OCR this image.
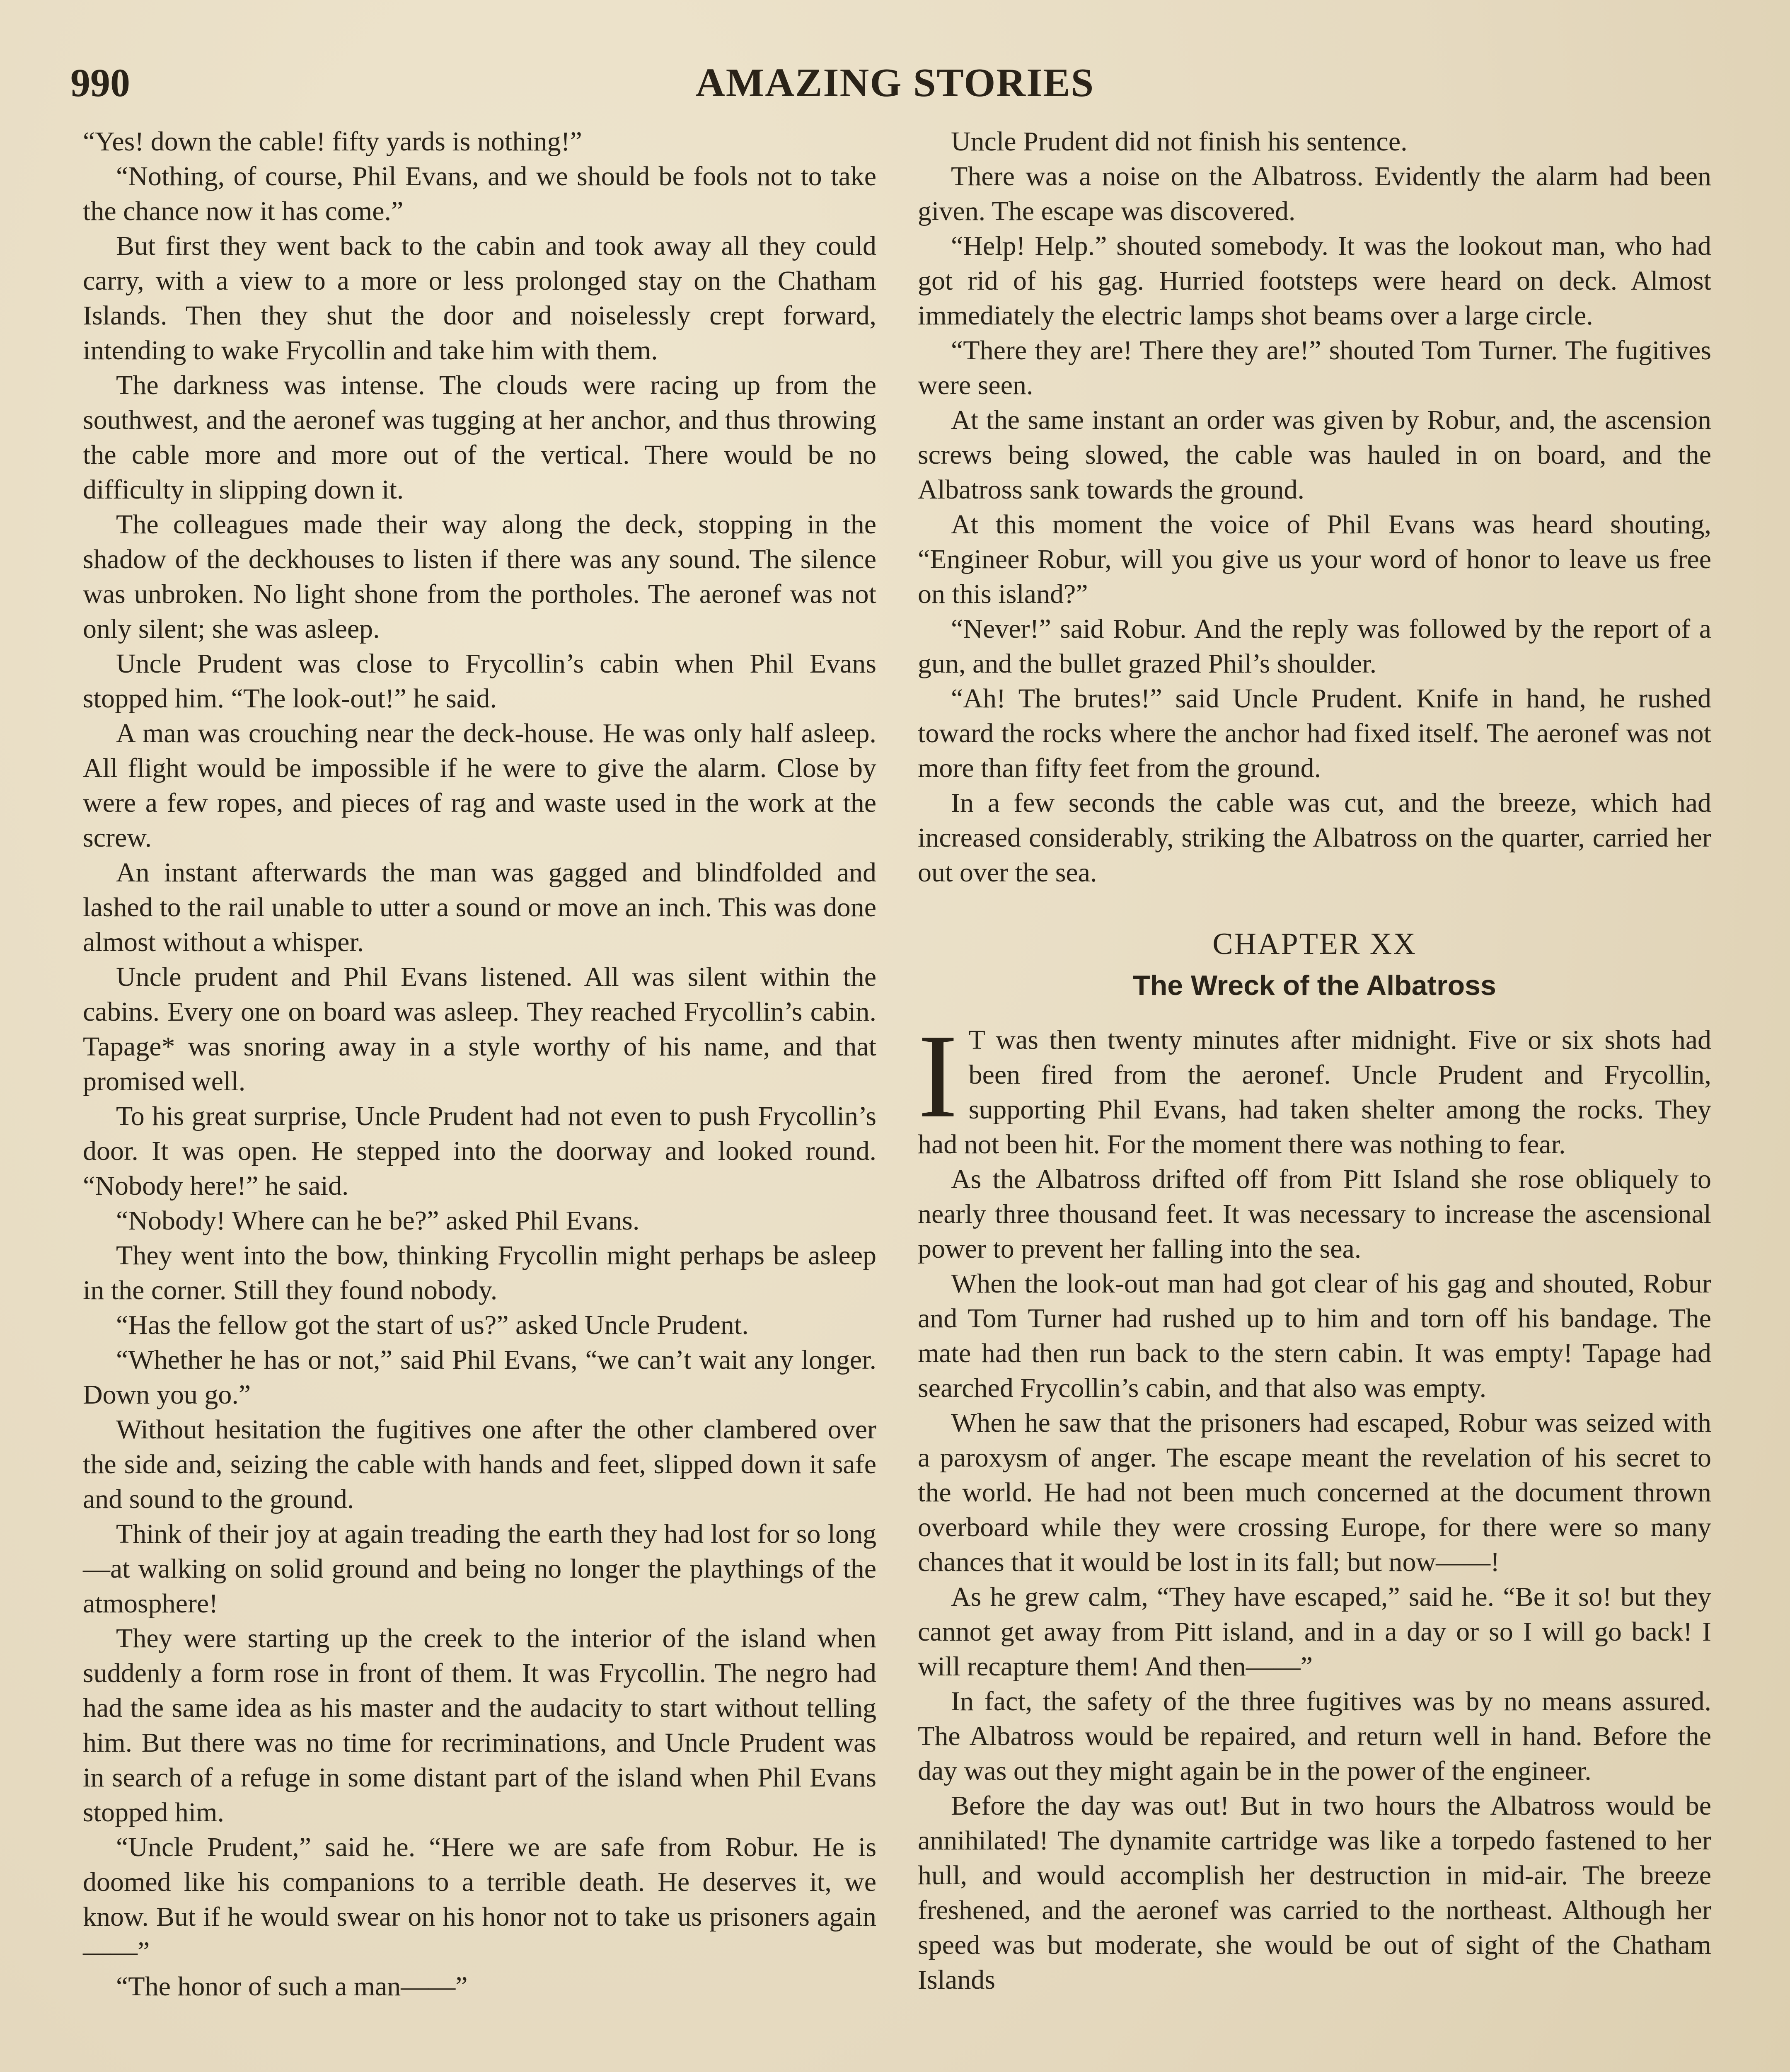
990	AMAZING STORIES

“Yes! down the cable! fifty yards is nothing!”

“Nothing, of course, Phil Evans, and we should be fools not to take the chance now it has come.”

But first they went back to the cabin and took away all they could carry, with a view to a more or less prolonged stay on the Chatham Islands. Then they shut the door and noiselessly crept forward, intending to wake Frycollin and take him with them.

The darkness was intense. The clouds were racing up from the southwest, and the aeronef was tugging at her anchor, and thus throwing the cable more and more out of the vertical. There would be no difficulty in slipping down it.

The colleagues made their way along the deck, stopping in the shadow of the deckhouses to listen if there was any sound. The silence was unbroken. No light shone from the portholes. The aeronef was not only silent; she was asleep.

Uncle Prudent was close to Frycollin’s cabin when Phil Evans stopped him. “The look-out!” he said.

A man was crouching near the deck-house. He was only half asleep. All flight would be impossible if he were to give the alarm. Close by were a few ropes, and pieces of rag and waste used in the work at the screw.

An instant afterwards the man was gagged and blindfolded and lashed to the rail unable to utter a sound or move an inch. This was done almost without a whisper.

Uncle prudent and Phil Evans listened. All was silent within the cabins. Every one on board was asleep. They reached Frycollin’s cabin. Tapage* was snoring away in a style worthy of his name, and that promised well.

To his great surprise, Uncle Prudent had not even to push Frycollin’s door. It was open. He stepped into the doorway and looked round. “Nobody here!” he said.

“Nobody! Where can he be?” asked Phil Evans.

They went into the bow, thinking Frycollin might perhaps be asleep in the corner. Still they found nobody.

“Has the fellow got the start of us?” asked Uncle Prudent.

“Whether he has or not,” said Phil Evans, “we can’t wait any longer. Down you go.”

Without hesitation the fugitives one after the other clambered over the side and, seizing the cable with hands and feet, slipped down it safe and sound to the ground.

Think of their joy at again treading the earth they had lost for so long—at walking on solid ground and being no longer the playthings of the atmosphere!

They were starting up the creek to the interior of the island when suddenly a form rose in front of them. It was Frycollin. The negro had had the same idea as his master and the audacity to start without telling him. But there was no time for recriminations, and Uncle Prudent was in search of a refuge in some distant part of the island when Phil Evans stopped him.

“Uncle Prudent,” said he. “Here we are safe from Robur. He is doomed like his companions to a terrible death. He deserves it, we know. But if he would swear on his honor not to take us prisoners again——”

“The honor of such a man——”

Uncle Prudent did not finish his sentence.

There was a noise on the Albatross. Evidently the alarm had been given. The escape was discovered.

“Help! Help.” shouted somebody. It was the lookout man, who had got rid of his gag. Hurried footsteps were heard on deck. Almost immediately the electric lamps shot beams over a large circle.

“There they are! There they are!” shouted Tom Turner. The fugitives were seen.

At the same instant an order was given by Robur, and, the ascension screws being slowed, the cable was hauled in on board, and the Albatross sank towards the ground.

At this moment the voice of Phil Evans was heard shouting, “Engineer Robur, will you give us your word of honor to leave us free on this island?”

“Never!” said Robur. And the reply was followed by the report of a gun, and the bullet grazed Phil’s shoulder.

“Ah! The brutes!” said Uncle Prudent. Knife in hand, he rushed toward the rocks where the anchor had fixed itself. The aeronef was not more than fifty feet from the ground.

In a few seconds the cable was cut, and the breeze, which had increased considerably, striking the Albatross on the quarter, carried her out over the sea.

CHAPTER XX
The Wreck of the Albatross

I T was then twenty minutes after midnight. Five or six shots had been fired from the aeronef. Uncle Prudent and Frycollin, supporting Phil Evans, had taken shelter among the rocks. They had not been hit. For the moment there was nothing to fear.

As the Albatross drifted off from Pitt Island she rose obliquely to nearly three thousand feet. It was necessary to increase the ascensional power to prevent her falling into the sea.

When the look-out man had got clear of his gag and shouted, Robur and Tom Turner had rushed up to him and torn off his bandage. The mate had then run back to the stern cabin. It was empty! Tapage had searched Frycollin’s cabin, and that also was empty.

When he saw that the prisoners had escaped, Robur was seized with a paroxysm of anger. The escape meant the revelation of his secret to the world. He had not been much concerned at the document thrown overboard while they were crossing Europe, for there were so many chances that it would be lost in its fall; but now——!

As he grew calm, “They have escaped,” said he. “Be it so! but they cannot get away from Pitt island, and in a day or so I will go back! I will recapture them! And then——”

In fact, the safety of the three fugitives was by no means assured. The Albatross would be repaired, and return well in hand. Before the day was out they might again be in the power of the engineer.

Before the day was out! But in two hours the Albatross would be annihilated! The dynamite cartridge was like a torpedo fastened to her hull, and would accomplish her destruction in mid-air. The breeze freshened, and the aeronef was carried to the northeast. Although her speed was but moderate, she would be out of sight of the Chatham Islands
